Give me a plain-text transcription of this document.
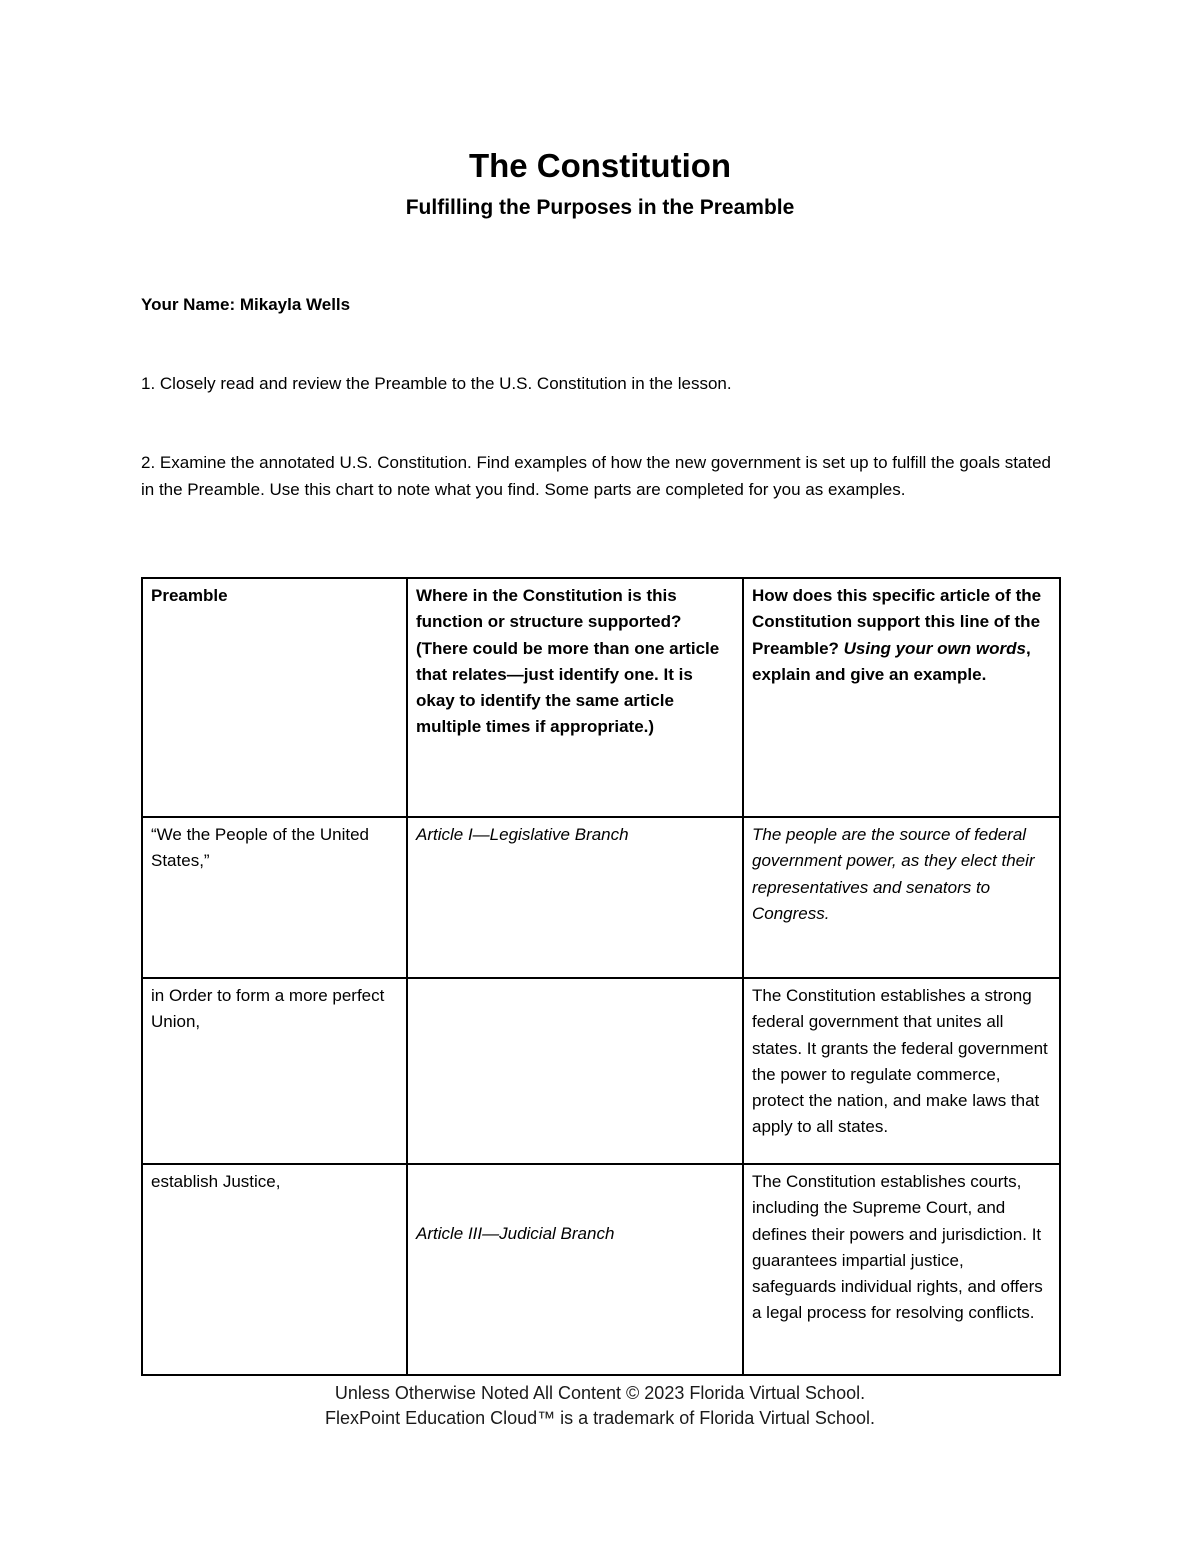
The Constitution
Fulfilling the Purposes in the Preamble
Your Name: Mikayla Wells
1. Closely read and review the Preamble to the U.S. Constitution in the lesson.
2. Examine the annotated U.S. Constitution. Find examples of how the new government is set up to fulfill the goals stated in the Preamble. Use this chart to note what you find. Some parts are completed for you as examples.
Preamble	Where in the Constitution is this function or structure supported? (There could be more than one article that relates—just identify one. It is okay to identify the same article multiple times if appropriate.)	How does this specific article of the Constitution support this line of the Preamble? Using your own words, explain and give an example.
“We the People of the United States,”	Article I—Legislative Branch	The people are the source of federal government power, as they elect their representatives and senators to Congress.
in Order to form a more perfect Union,		The Constitution establishes a strong federal government that unites all states. It grants the federal government the power to regulate commerce, protect the nation, and make laws that apply to all states.
establish Justice,	Article III—Judicial Branch	The Constitution establishes courts, including the Supreme Court, and defines their powers and jurisdiction. It guarantees impartial justice, safeguards individual rights, and offers a legal process for resolving conflicts.
Unless Otherwise Noted All Content © 2023 Florida Virtual School.
FlexPoint Education Cloud™ is a trademark of Florida Virtual School.
